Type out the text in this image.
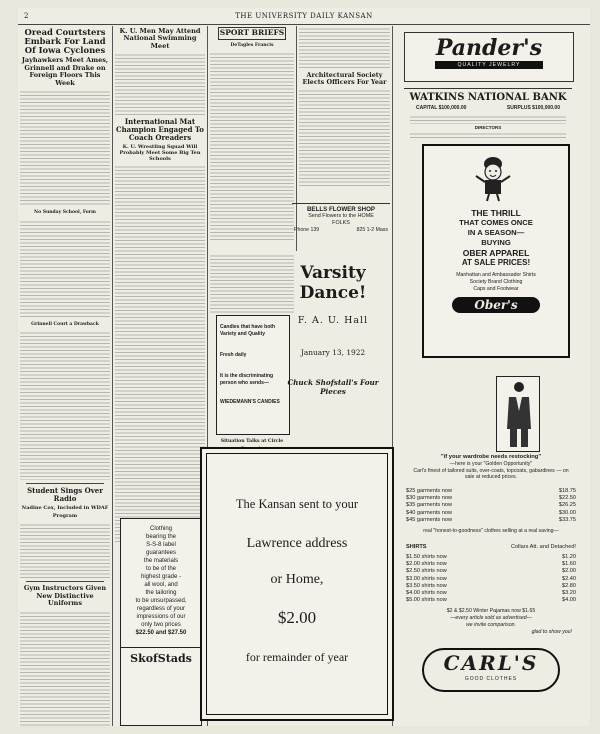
2	THE UNIVERSITY DAILY KANSAN
Oread Courtsters Embark For Land Of Iowa Cyclones
Jayhawkers Meet Ames, Grinnell and Drake on Foreign Floors This Week
No Sunday School, Form
Grinnell Court a Drawback
Student Sings Over Radio
Nadine Cox, Included in WDAF Program
Gym Instructors Given New Distinctive Uniforms
K. U. Men May Attend National Swimming Meet
International Mat Champion Engaged To Coach Oreaders
K. U. Wrestling Squad Will Probably Meet Some Big Ten Schools
Clothing
bearing the
S-S-8 label
guarantees
the materials
to be of the
highest grade -
all wool, and
the tailoring
to be unsurpassed,
regardless of your
impressions of our
only two prices
$22.50 and $27.50
SkofStads
SPORT BRIEFS
DeTagles Francis
Candies that have both
Variety and Quality
Fresh daily
It is the discriminating
person who sends—
WIEDEMANN'S CANDIES
Situation Talks at Circle
Architectural Society Elects Officers For Year
BELLS FLOWER SHOP
Send Flowers to the HOME FOLKS
Phone 139	825 1-2 Mass
Varsity Dance!
F. A. U. Hall
January 13, 1922
Chuck Shofstall's Four Pieces
The Kansan sent to your
Lawrence address
or Home,
$2.00
for remainder of year
Pander's
QUALITY JEWELRY
WATKINS NATIONAL BANK
CAPITAL $100,000.00	SURPLUS $100,000.00
DIRECTORS
THE THRILL
THAT COMES ONCE
IN A SEASON—
BUYING
OBER APPAREL
AT SALE PRICES!
Manhattan and Ambassador Shirts
Society Brand Clothing
Caps and Footwear
Ober's
"if your wardrobe needs restocking"
—here is your "Golden Opportunity"
Carl's finest of tailored suits, over-coats, topcoats, gabardines — on sale at reduced prices.
$25 garments now	$18.75
$30 garments now	$22.50
$35 garments now	$26.25
$40 garments now	$30.00
$45 garments now	$33.75
real "honest-to-goodness" clothes selling at a real saving—
SHIRTS	Collars Att. and Detached!
$1.50 shirts now	$1.20
$2.00 shirts now	$1.60
$2.50 shirts now	$2.00
$3.00 shirts now	$2.40
$3.50 shirts now	$2.80
$4.00 shirts now	$3.20
$5.00 shirts now	$4.00
$2 & $2.50 Winter Pajamas now $1.65
—every article sold as advertised—
we invite comparison.
glad to show you!
CARL'S
GOOD CLOTHES
